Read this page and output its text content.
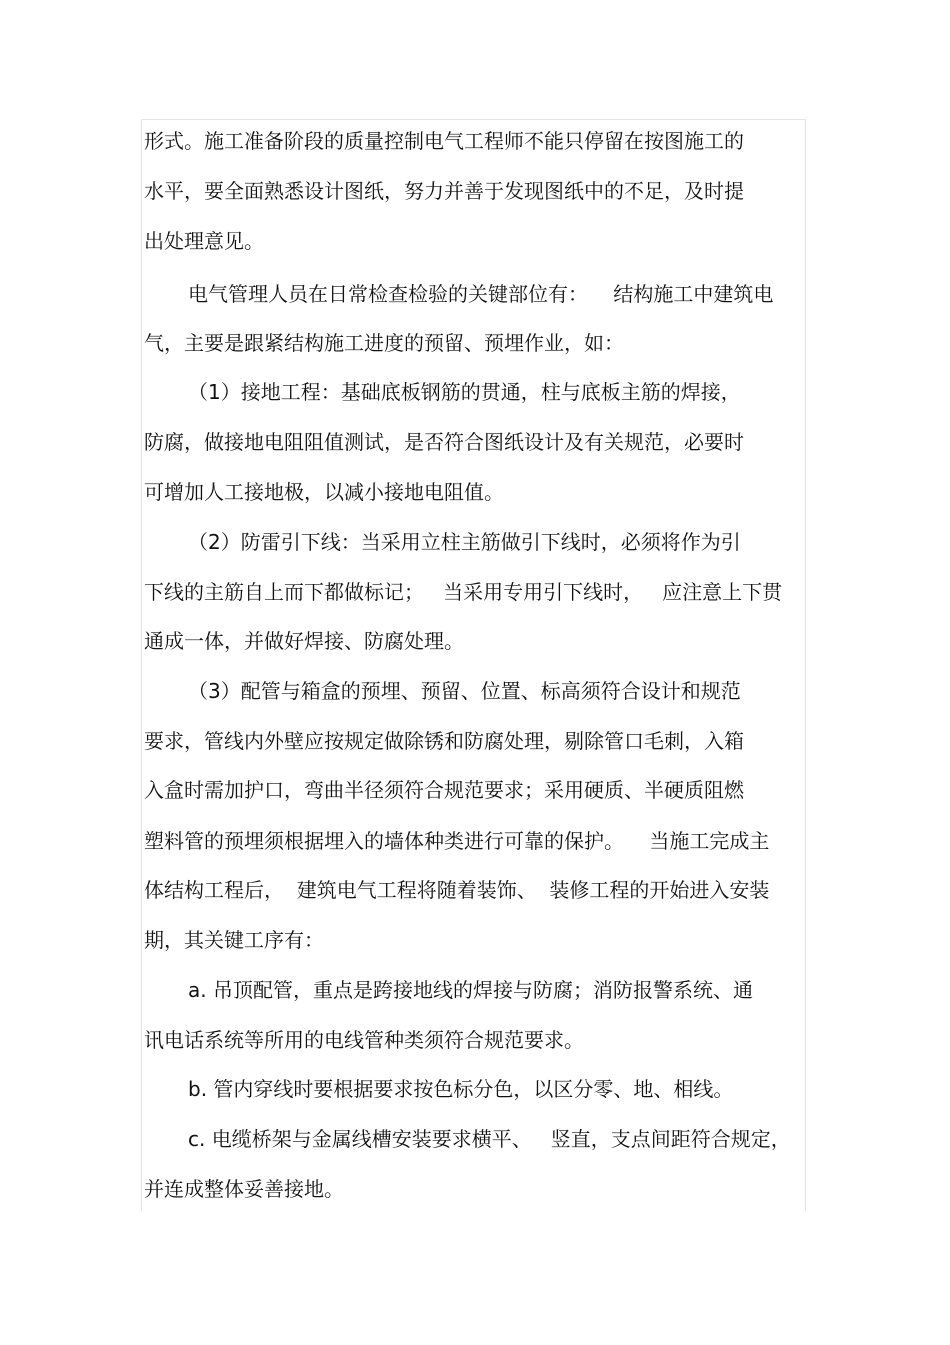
形式。施工准备阶段的质量控制电气工程师不能只停留在按图施工的
水平，要全面熟悉设计图纸，努力并善于发现图纸中的不足，及时提
出处理意见。
电气管理人员在日常检查检验的关键部位有：    结构施工中建筑电
气，主要是跟紧结构施工进度的预留、预埋作业，如：
（1）接地工程：基础底板钢筋的贯通，柱与底板主筋的焊接，
防腐，做接地电阻阻值测试，是否符合图纸设计及有关规范，必要时
可增加人工接地极，以减小接地电阻值。
（2）防雷引下线：当采用立柱主筋做引下线时，必须将作为引
下线的主筋自上而下都做标记；   当采用专用引下线时，   应注意上下贯
通成一体，并做好焊接、防腐处理。
（3）配管与箱盒的预埋、预留、位置、标高须符合设计和规范
要求，管线内外壁应按规定做除锈和防腐处理，剔除管口毛刺，入箱
入盒时需加护口，弯曲半径须符合规范要求；采用硬质、半硬质阻燃
塑料管的预埋须根据埋入的墙体种类进行可靠的保护。    当施工完成主
体结构工程后，  建筑电气工程将随着装饰、  装修工程的开始进入安装
期，其关键工序有：
a. 吊顶配管，重点是跨接地线的焊接与防腐；消防报警系统、通
讯电话系统等所用的电线管种类须符合规范要求。
b. 管内穿线时要根据要求按色标分色，以区分零、地、相线。
c. 电缆桥架与金属线槽安装要求横平、   竖直，支点间距符合规定，
并连成整体妥善接地。
